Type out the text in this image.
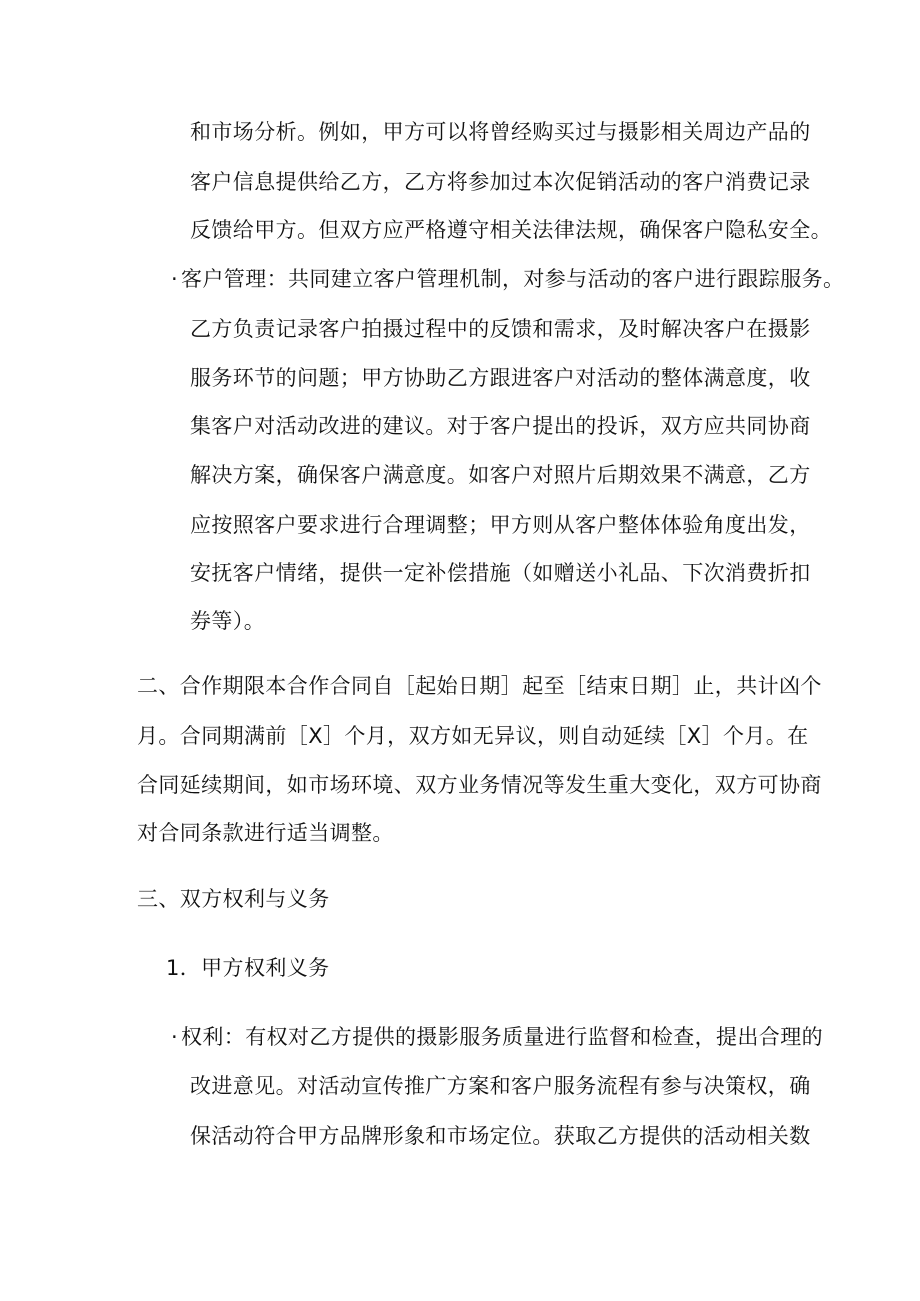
和市场分析。例如，甲方可以将曾经购买过与摄影相关周边产品的
客户信息提供给乙方，乙方将参加过本次促销活动的客户消费记录
反馈给甲方。但双方应严格遵守相关法律法规，确保客户隐私安全。
· 客户管理：共同建立客户管理机制，对参与活动的客户进行跟踪服务。
乙方负责记录客户拍摄过程中的反馈和需求，及时解决客户在摄影
服务环节的问题；甲方协助乙方跟进客户对活动的整体满意度，收
集客户对活动改进的建议。对于客户提出的投诉，双方应共同协商
解决方案，确保客户满意度。如客户对照片后期效果不满意，乙方
应按照客户要求进行合理调整；甲方则从客户整体体验角度出发，
安抚客户情绪，提供一定补偿措施（如赠送小礼品、下次消费折扣
券等）。
二、合作期限本合作合同自［起始日期］起至［结束日期］止，共计凶个
月。合同期满前［X］个月，双方如无异议，则自动延续［X］个月。在
合同延续期间，如市场环境、双方业务情况等发生重大变化，双方可协商
对合同条款进行适当调整。
三、双方权利与义务
1．甲方权利义务
· 权利：有权对乙方提供的摄影服务质量进行监督和检查，提出合理的
改进意见。对活动宣传推广方案和客户服务流程有参与决策权，确
保活动符合甲方品牌形象和市场定位。获取乙方提供的活动相关数
